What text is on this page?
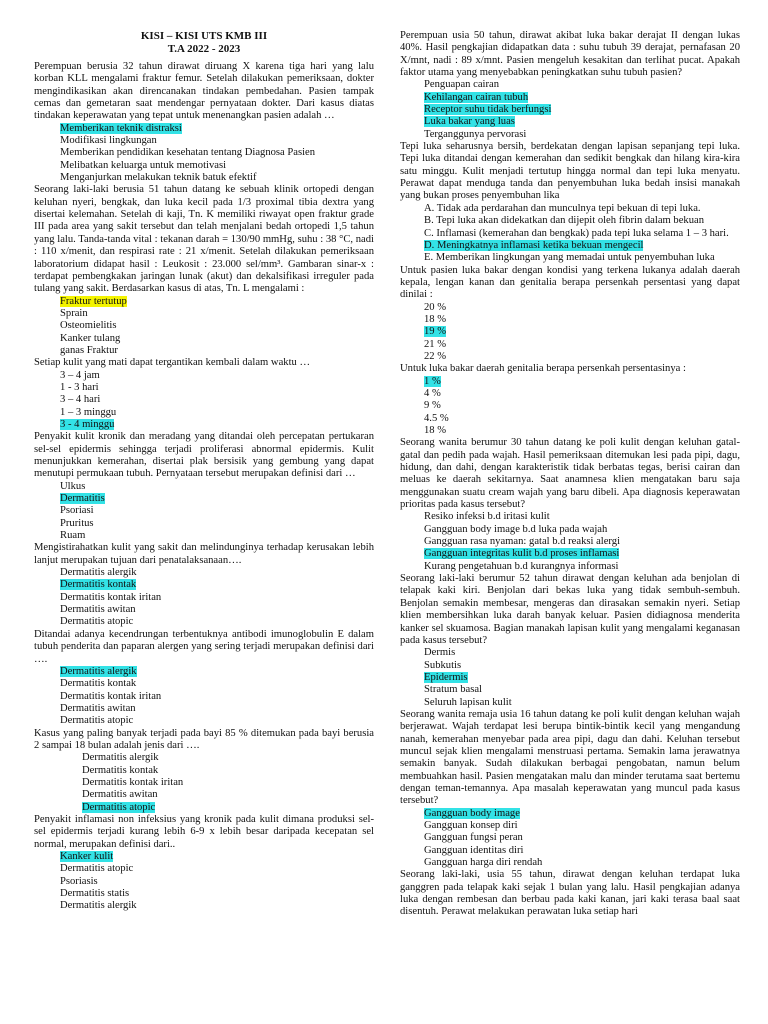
KISI – KISI UTS KMB III
T.A 2022 - 2023
Perempuan berusia 32 tahun dirawat diruang X karena tiga hari yang lalu korban KLL mengalami fraktur femur. Setelah dilakukan pemeriksaan, dokter mengindikasikan akan direncanakan tindakan pembedahan. Pasien tampak cemas dan gemetaran saat mendengar pernyataan dokter. Dari kasus diatas tindakan keperawatan yang tepat untuk menenangkan pasien adalah …
Memberikan teknik distraksi
Modifikasi lingkungan
Memberikan pendidikan kesehatan tentang Diagnosa Pasien
Melibatkan keluarga untuk memotivasi
Menganjurkan melakukan teknik batuk efektif
Seorang laki-laki berusia 51 tahun datang ke sebuah klinik ortopedi dengan keluhan nyeri, bengkak, dan luka kecil pada 1/3 proximal tibia dextra yang disertai kelemahan. Setelah di kaji, Tn. K memiliki riwayat open fraktur grade III pada area yang sakit tersebut dan telah menjalani bedah ortopedi 1,5 tahun yang lalu. Tanda-tanda vital : tekanan darah = 130/90 mmHg, suhu : 38 °C, nadi : 110 x/menit, dan respirasi rate : 21 x/menit. Setelah dilakukan pemeriksaan laboratorium didapat hasil : Leukosit : 23.000 sel/mm³. Gambaran sinar-x : terdapat pembengkakan jaringan lunak (akut) dan dekalsifikasi irreguler pada tulang yang sakit. Berdasarkan kasus di atas, Tn. L mengalami :
Fraktur tertutup
Sprain
Osteomielitis
Kanker tulang
ganas Fraktur
Setiap kulit yang mati dapat tergantikan kembali dalam waktu …
3 – 4 jam
1 - 3 hari
3 – 4 hari
1 – 3 minggu
3 - 4 minggu
Penyakit kulit kronik dan meradang yang ditandai oleh percepatan pertukaran sel-sel epidermis sehingga terjadi proliferasi abnormal epidermis. Kulit menunjukkan kemerahan, disertai plak bersisik yang gembung yang dapat menutupi permukaan tubuh. Pernyataan tersebut merupakan definisi dari …
Ulkus
Dermatitis
Psoriasi
Pruritus
Ruam
Mengistirahatkan kulit yang sakit dan melindunginya terhadap kerusakan lebih lanjut merupakan tujuan dari penatalaksanaan….
Dermatitis alergik
Dermatitis kontak
Dermatitis kontak iritan
Dermatitis awitan
Dermatitis atopic
Ditandai adanya kecendrungan terbentuknya antibodi imunoglobulin E dalam tubuh penderita dan paparan alergen yang sering terjadi merupakan definisi dari ….
Dermatitis alergik
Dermatitis kontak
Dermatitis kontak iritan
Dermatitis awitan
Dermatitis atopic
Kasus yang paling banyak terjadi pada bayi 85 % ditemukan pada bayi berusia 2 sampai 18 bulan adalah jenis dari ….
Dermatitis alergik
Dermatitis kontak
Dermatitis kontak iritan
Dermatitis awitan
Dermatitis atopic
Penyakit inflamasi non infeksius yang kronik pada kulit dimana produksi sel-sel epidermis terjadi kurang lebih 6-9 x lebih besar daripada kecepatan sel normal, merupakan definisi dari..
Kanker kulit
Dermatitis atopic
Psoriasis
Dermatitis statis
Dermatitis alergik
Perempuan usia 50 tahun, dirawat akibat luka bakar derajat II dengan lukas 40%. Hasil pengkajian didapatkan data : suhu tubuh 39 derajat, pernafasan 20 X/mnt, nadi : 89 x/mnt. Pasien mengeluh kesakitan dan terlihat pucat. Apakah faktor utama yang menyebabkan peningkatkan suhu tubuh pasien?
Penguapan cairan
Kehilangan cairan tubuh
Receptor suhu tidak berfungsi
Luka bakar yang luas
Terganggunya pervorasi
Tepi luka seharusnya bersih, berdekatan dengan lapisan sepanjang tepi luka. Tepi luka ditandai dengan kemerahan dan sedikit bengkak dan hilang kira-kira satu minggu. Kulit menjadi tertutup hingga normal dan tepi luka menyatu. Perawat dapat menduga tanda dan penyembuhan luka bedah insisi manakah yang bukan proses penyembuhan lika
A. Tidak ada perdarahan dan munculnya tepi bekuan di tepi luka.
B. Tepi luka akan didekatkan dan dijepit oleh fibrin dalam bekuan
C. Inflamasi (kemerahan dan bengkak) pada tepi luka selama 1 – 3 hari.
D. Meningkatnya inflamasi ketika bekuan mengecil
E. Memberikan lingkungan yang memadai untuk penyembuhan luka
Untuk pasien luka bakar dengan kondisi yang terkena lukanya adalah daerah kepala, lengan kanan dan genitalia berapa persenkah persentasi yang dapat dinilai :
20 %
18 %
19 %
21 %
22 %
Untuk luka bakar daerah genitalia berapa persenkah persentasinya :
1 %
4 %
9 %
4.5 %
18 %
Seorang wanita berumur 30 tahun datang ke poli kulit dengan keluhan gatal-gatal dan pedih pada wajah. Hasil pemeriksaan ditemukan lesi pada pipi, dagu, hidung, dan dahi, dengan karakteristik tidak berbatas tegas, berisi cairan dan meluas ke daerah sekitarnya. Saat anamnesa klien mengatakan baru saja menggunakan suatu cream wajah yang baru dibeli. Apa diagnosis keperawatan prioritas pada kasus tersebut?
Resiko infeksi b.d iritasi kulit
Gangguan body image b.d luka pada wajah
Gangguan rasa nyaman: gatal b.d reaksi alergi
Gangguan integritas kulit b.d proses inflamasi
Kurang pengetahuan b.d kurangnya informasi
Seorang laki-laki berumur 52 tahun dirawat dengan keluhan ada benjolan di telapak kaki kiri. Benjolan dari bekas luka yang tidak sembuh-sembuh. Benjolan semakin membesar, mengeras dan dirasakan semakin nyeri. Setiap klien membersihkan luka darah banyak keluar. Pasien didiagnosa menderita kanker sel skuamosa. Bagian manakah lapisan kulit yang mengalami keganasan pada kasus tersebut?
Dermis
Subkutis
Epidermis
Stratum basal
Seluruh lapisan kulit
Seorang wanita remaja usia 16 tahun datang ke poli kulit dengan keluhan wajah berjerawat. Wajah terdapat lesi berupa bintik-bintik kecil yang mengandung nanah, kemerahan menyebar pada area pipi, dagu dan dahi. Keluhan tersebut muncul sejak klien mengalami menstruasi pertama. Semakin lama jerawatnya semakin banyak. Sudah dilakukan berbagai pengobatan, namun belum membuahkan hasil. Pasien mengatakan malu dan minder terutama saat bertemu dengan teman-temannya. Apa masalah keperawatan yang muncul pada kasus tersebut?
Gangguan body image
Gangguan konsep diri
Gangguan fungsi peran
Gangguan identitas diri
Gangguan harga diri rendah
Seorang laki-laki, usia 55 tahun, dirawat dengan keluhan terdapat luka ganggren pada telapak kaki sejak 1 bulan yang lalu. Hasil pengkajian adanya luka dengan rembesan dan berbau pada kaki kanan, jari kaki terasa baal saat disentuh. Perawat melakukan perawatan luka setiap hari
